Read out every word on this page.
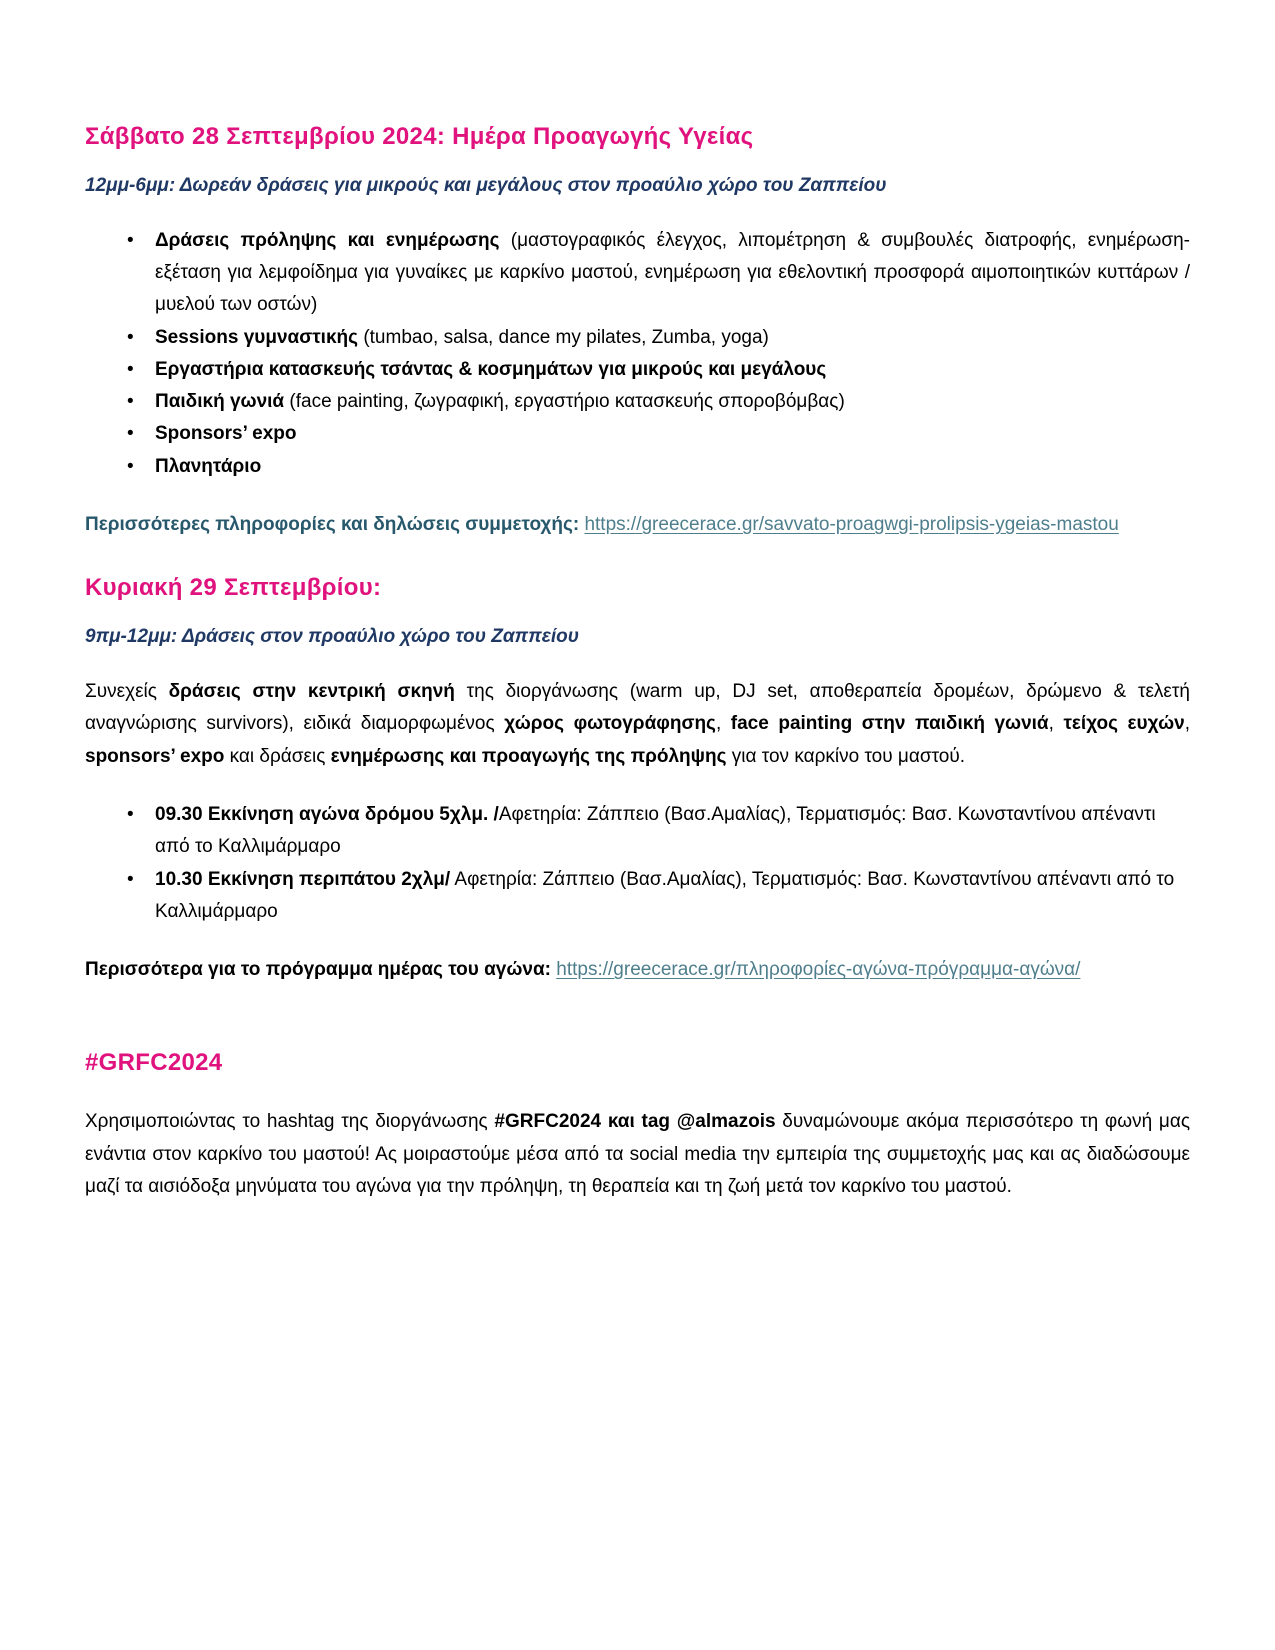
Σάββατο 28 Σεπτεμβρίου 2024: Ημέρα Προαγωγής Υγείας
12μμ-6μμ: Δωρεάν δράσεις για μικρούς και μεγάλους στον προαύλιο χώρο του Ζαππείου
• Δράσεις πρόληψης και ενημέρωσης (μαστογραφικός έλεγχος, λιπομέτρηση & συμβουλές διατροφής, ενημέρωση-εξέταση για λεμφοίδημα για γυναίκες με καρκίνο μαστού, ενημέρωση για εθελοντική προσφορά αιμοποιητικών κυττάρων / μυελού των οστών)
• Sessions γυμναστικής (tumbao, salsa, dance my pilates, Zumba, yoga)
• Εργαστήρια κατασκευής τσάντας & κοσμημάτων για μικρούς και μεγάλους
• Παιδική γωνιά (face painting, ζωγραφική, εργαστήριο κατασκευής σποροβόμβας)
• Sponsors’ expo
• Πλανητάριο

Περισσότερες πληροφορίες και δηλώσεις συμμετοχής: https://greecerace.gr/savvato-proagwgi-prolipsis-ygeias-mastou

Κυριακή 29 Σεπτεμβρίου:
9πμ-12μμ: Δράσεις στον προαύλιο χώρο του Ζαππείου

Συνεχείς δράσεις στην κεντρική σκηνή της διοργάνωσης (warm up, DJ set, αποθεραπεία δρομέων, δρώμενο & τελετή αναγνώρισης survivors), ειδικά διαμορφωμένος χώρος φωτογράφησης, face painting στην παιδική γωνιά, τείχος ευχών, sponsors’ expo και δράσεις ενημέρωσης και προαγωγής της πρόληψης για τον καρκίνο του μαστού.

• 09.30 Εκκίνηση αγώνα δρόμου 5χλμ. /Αφετηρία: Ζάππειο (Βασ.Αμαλίας), Τερματισμός: Βασ. Κωνσταντίνου απέναντι από το Καλλιμάρμαρο
• 10.30 Εκκίνηση περιπάτου 2χλμ/ Αφετηρία: Ζάππειο (Βασ.Αμαλίας), Τερματισμός: Βασ. Κωνσταντίνου απέναντι από το Καλλιμάρμαρο

Περισσότερα για το πρόγραμμα ημέρας του αγώνα: https://greecerace.gr/πληροφορίες-αγώνα-πρόγραμμα-αγώνα/

#GRFC2024

Χρησιμοποιώντας το hashtag της διοργάνωσης #GRFC2024 και tag @almazois δυναμώνουμε ακόμα περισσότερο τη φωνή μας ενάντια στον καρκίνο του μαστού! Ας μοιραστούμε μέσα από τα social media την εμπειρία της συμμετοχής μας και ας διαδώσουμε μαζί τα αισιόδοξα μηνύματα του αγώνα για την πρόληψη, τη θεραπεία και τη ζωή μετά τον καρκίνο του μαστού.
